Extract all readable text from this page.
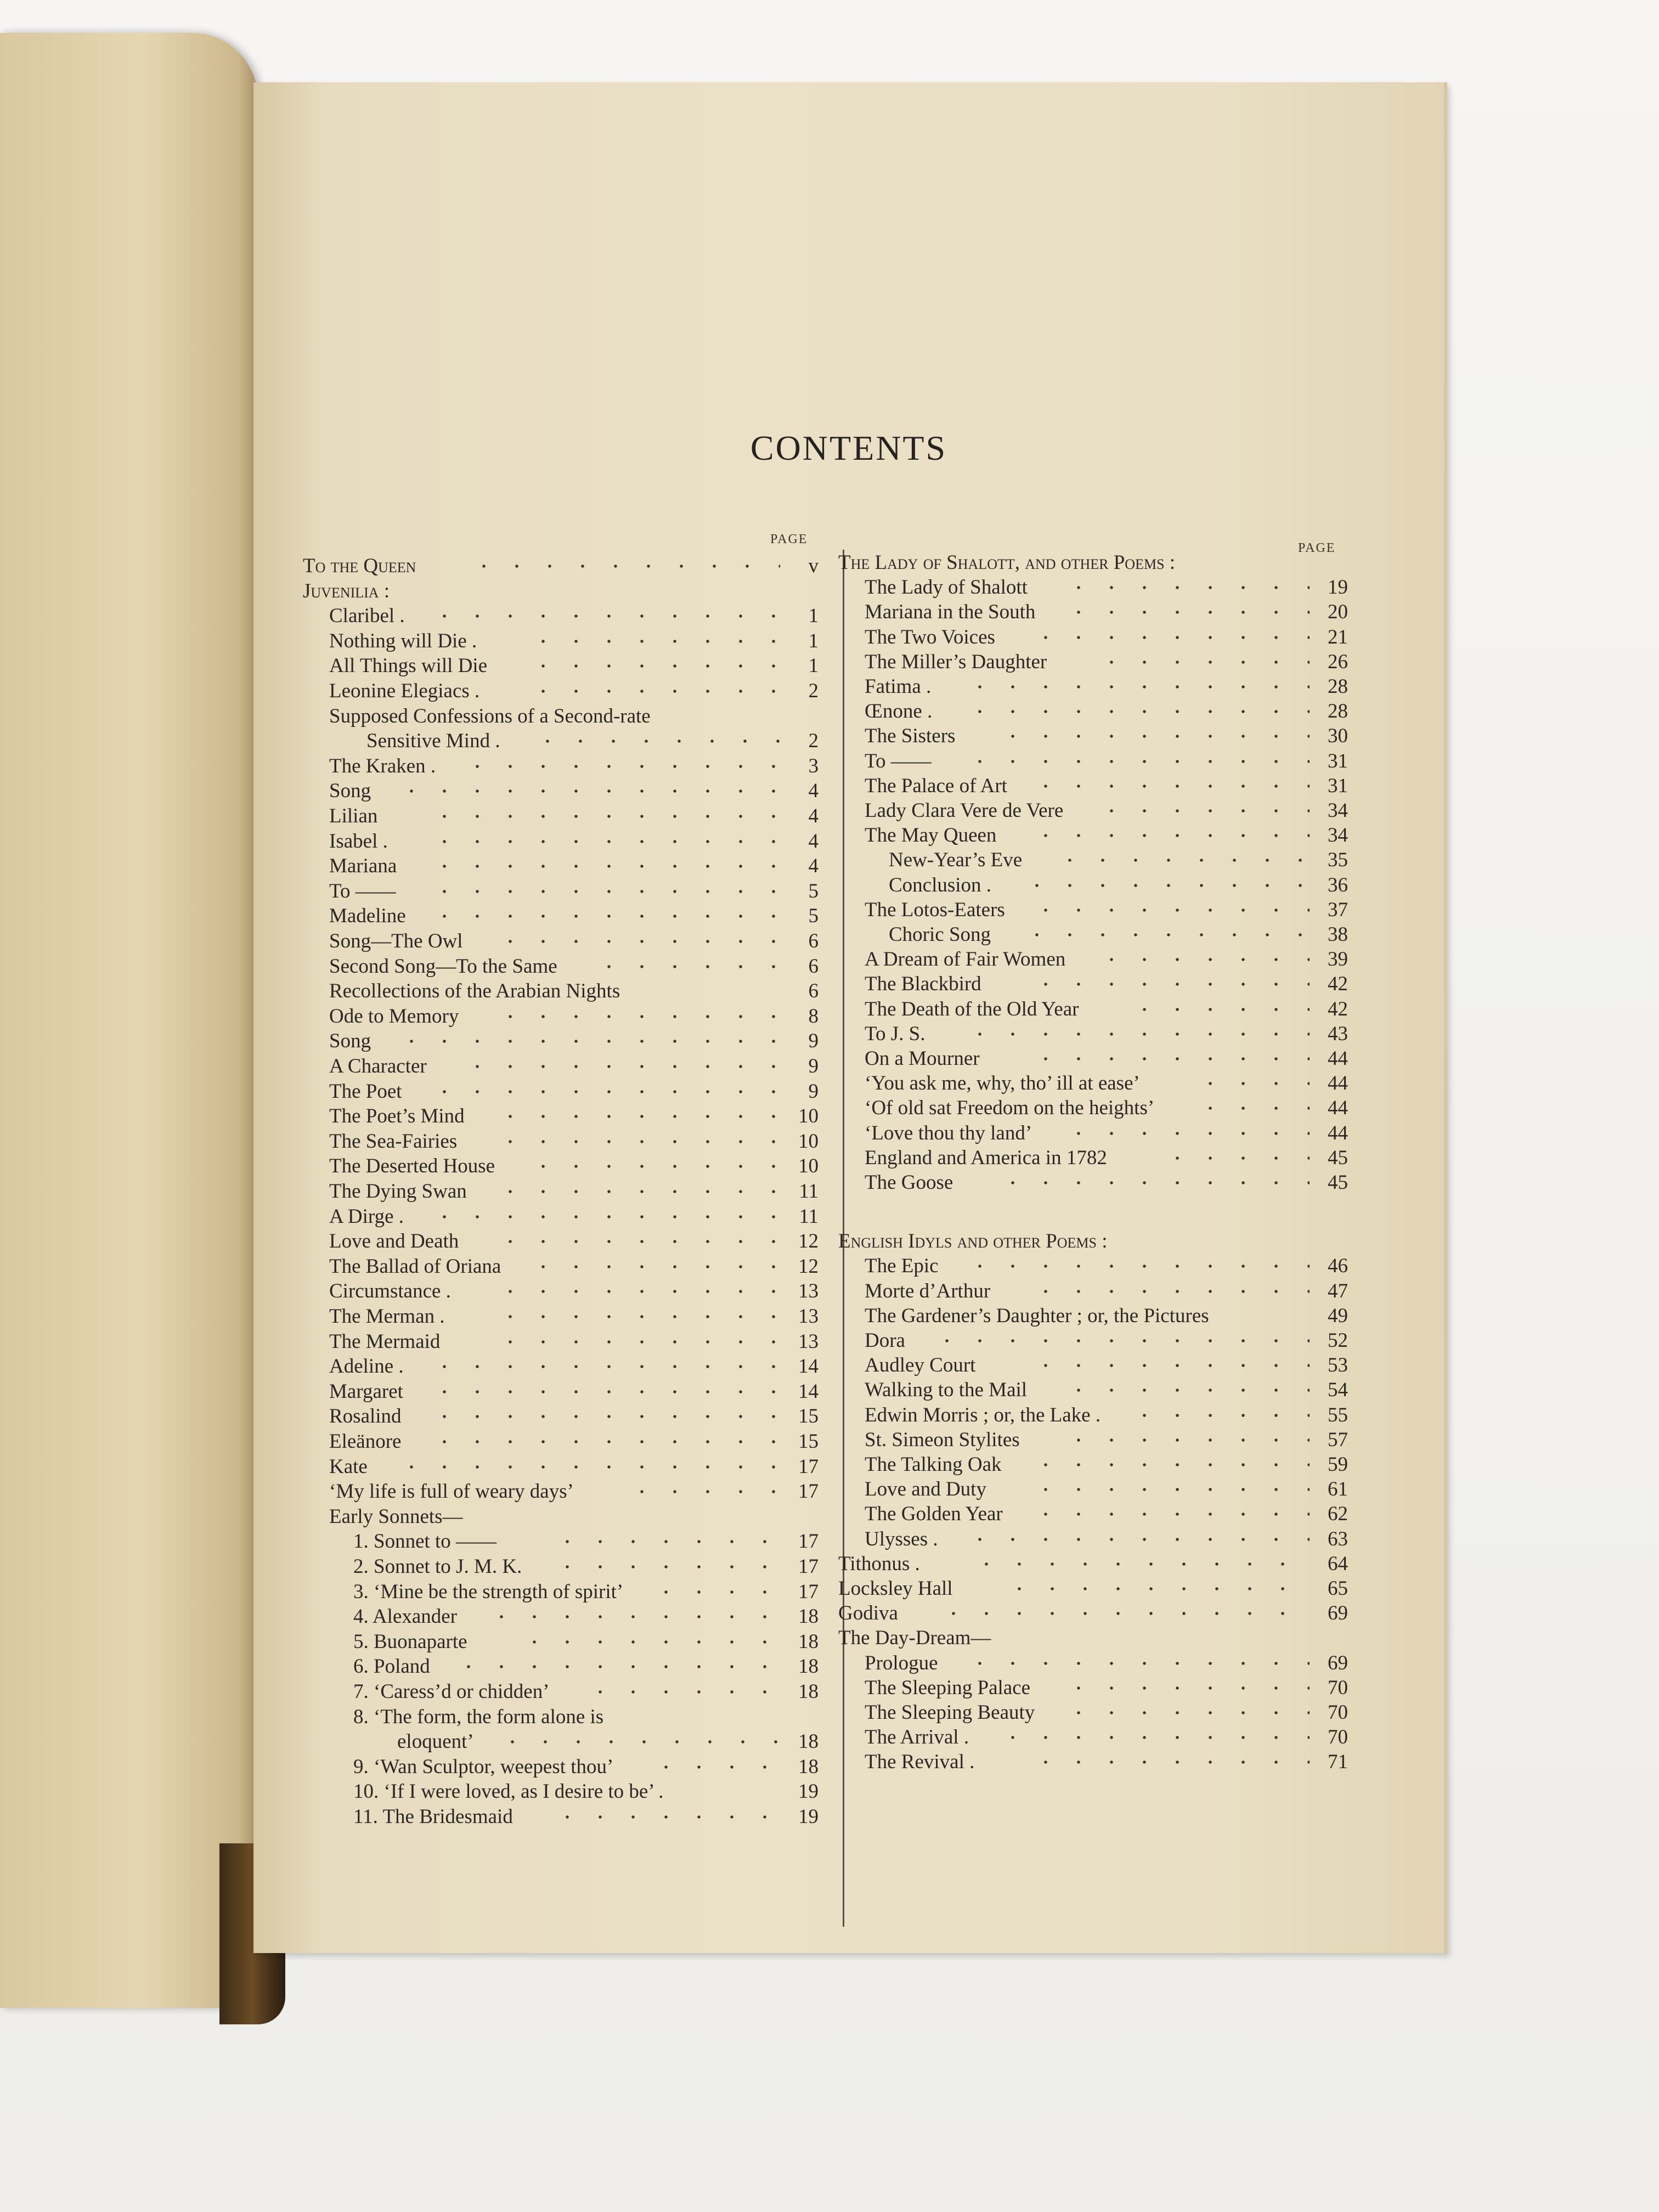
CONTENTS
PAGE
PAGE
To the Queen	v
Juvenilia :
Claribel .	1
Nothing will Die .	1
All Things will Die	1
Leonine Elegiacs .	2
Supposed Confessions of a Second-rate
Sensitive Mind .	2
The Kraken .	3
Song	4
Lilian	4
Isabel .	4
Mariana	4
To ——	5
Madeline	5
Song—The Owl	6
Second Song—To the Same	6
Recollections of the Arabian Nights	6
Ode to Memory	8
Song	9
A Character	9
The Poet	9
The Poet’s Mind	10
The Sea-Fairies	10
The Deserted House	10
The Dying Swan	11
A Dirge .	11
Love and Death	12
The Ballad of Oriana	12
Circumstance .	13
The Merman .	13
The Mermaid	13
Adeline .	14
Margaret	14
Rosalind	15
Eleänore	15
Kate	17
‘My life is full of weary days’	17
Early Sonnets—
1. Sonnet to ——	17
2. Sonnet to J. M. K.	17
3. ‘Mine be the strength of spirit’	17
4. Alexander	18
5. Buonaparte	18
6. Poland	18
7. ‘Caress’d or chidden’	18
8. ‘The form, the form alone is
eloquent’	18
9. ‘Wan Sculptor, weepest thou’	18
10. ‘If I were loved, as I desire to be’ .	19
11. The Bridesmaid	19
The Lady of Shalott, and other Poems :
The Lady of Shalott	19
Mariana in the South	20
The Two Voices	21
The Miller’s Daughter	26
Fatima .	28
Œnone .	28
The Sisters	30
To ——	31
The Palace of Art	31
Lady Clara Vere de Vere	34
The May Queen	34
New-Year’s Eve	35
Conclusion .	36
The Lotos-Eaters	37
Choric Song	38
A Dream of Fair Women	39
The Blackbird	42
The Death of the Old Year	42
To J. S.	43
On a Mourner	44
‘You ask me, why, tho’ ill at ease’	44
‘Of old sat Freedom on the heights’	44
‘Love thou thy land’	44
England and America in 1782	45
The Goose	45
English Idyls and other Poems :
The Epic	46
Morte d’Arthur	47
The Gardener’s Daughter ; or, the Pictures	49
Dora	52
Audley Court	53
Walking to the Mail	54
Edwin Morris ; or, the Lake .	55
St. Simeon Stylites	57
The Talking Oak	59
Love and Duty	61
The Golden Year	62
Ulysses .	63
Tithonus .	64
Locksley Hall	65
Godiva	69
The Day-Dream—
Prologue	69
The Sleeping Palace	70
The Sleeping Beauty	70
The Arrival .	70
The Revival .	71
